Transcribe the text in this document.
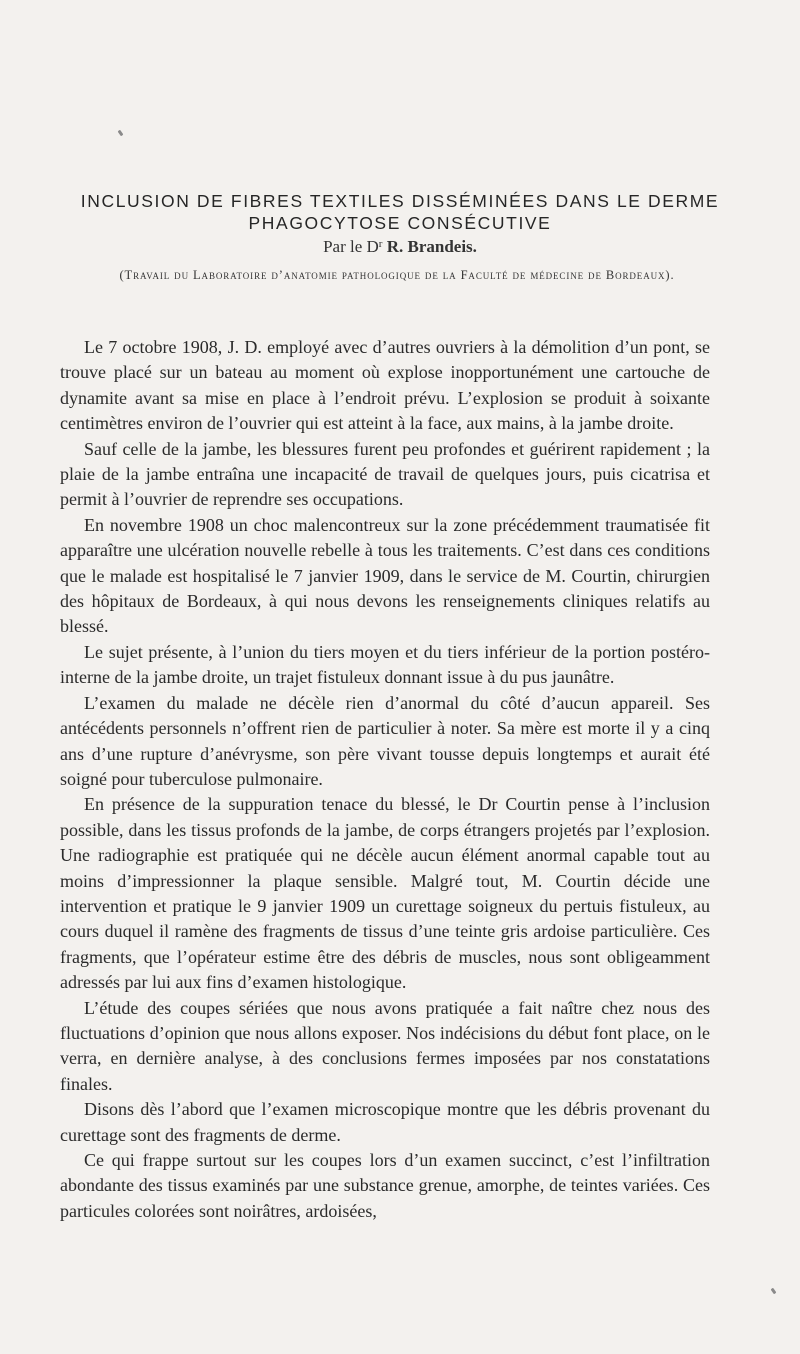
INCLUSION DE FIBRES TEXTILES DISSÉMINÉES DANS LE DERME
PHAGOCYTOSE CONSÉCUTIVE
Par le $D^r$ R. Brandeis.
(Travail du Laboratoire d’anatomie pathologique de la Faculté de médecine de Bordeaux).

Le 7 octobre 1908, J. D. employé avec d’autres ouvriers à la démolition d’un pont, se trouve placé sur un bateau au moment où explose inopportunément une cartouche de dynamite avant sa mise en place à l’endroit prévu. L’explosion se produit à soixante centimètres environ de l’ouvrier qui est atteint à la face, aux mains, à la jambe droite.

Sauf celle de la jambe, les blessures furent peu profondes et guérirent rapidement ; la plaie de la jambe entraîna une incapacité de travail de quelques jours, puis cicatrisa et permit à l’ouvrier de reprendre ses occupations.

En novembre 1908 un choc malencontreux sur la zone précédemment traumatisée fit apparaître une ulcération nouvelle rebelle à tous les traitements. C’est dans ces conditions que le malade est hospitalisé le 7 janvier 1909, dans le service de M. Courtin, chirurgien des hôpitaux de Bordeaux, à qui nous devons les renseignements cliniques relatifs au blessé.

Le sujet présente, à l’union du tiers moyen et du tiers inférieur de la portion postéro-interne de la jambe droite, un trajet fistuleux donnant issue à du pus jaunâtre.

L’examen du malade ne décèle rien d’anormal du côté d’aucun appareil. Ses antécédents personnels n’offrent rien de particulier à noter. Sa mère est morte il y a cinq ans d’une rupture d’anévrysme, son père vivant tousse depuis longtemps et aurait été soigné pour tuberculose pulmonaire.

En présence de la suppuration tenace du blessé, le Dr Courtin pense à l’inclusion possible, dans les tissus profonds de la jambe, de corps étrangers projetés par l’explosion. Une radiographie est pratiquée qui ne décèle aucun élément anormal capable tout au moins d’impressionner la plaque sensible. Malgré tout, M. Courtin décide une intervention et pratique le 9 janvier 1909 un curettage soigneux du pertuis fistuleux, au cours duquel il ramène des fragments de tissus d’une teinte gris ardoise particulière. Ces fragments, que l’opérateur estime être des débris de muscles, nous sont obligeamment adressés par lui aux fins d’examen histologique.

L’étude des coupes sériées que nous avons pratiquée a fait naître chez nous des fluctuations d’opinion que nous allons exposer. Nos indécisions du début font place, on le verra, en dernière analyse, à des conclusions fermes imposées par nos constatations finales.

Disons dès l’abord que l’examen microscopique montre que les débris provenant du curettage sont des fragments de derme.

Ce qui frappe surtout sur les coupes lors d’un examen succinct, c’est l’infiltration abondante des tissus examinés par une substance grenue, amorphe, de teintes variées. Ces particules colorées sont noirâtres, ardoisées,
